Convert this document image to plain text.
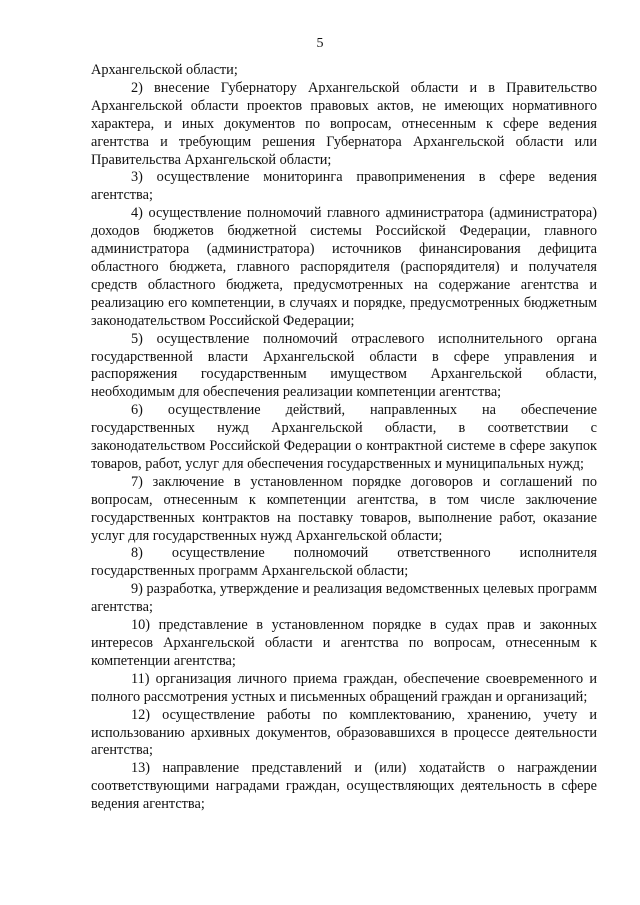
5

Архангельской области;

2) внесение Губернатору Архангельской области и в Правительство Архангельской области проектов правовых актов, не имеющих нормативного характера, и иных документов по вопросам, отнесенным к сфере ведения агентства и требующим решения Губернатора Архангельской области или Правительства Архангельской области;

3) осуществление мониторинга правоприменения в сфере ведения агентства;

4) осуществление полномочий главного администратора (администратора) доходов бюджетов бюджетной системы Российской Федерации, главного администратора (администратора) источников финансирования дефицита областного бюджета, главного распорядителя (распорядителя) и получателя средств областного бюджета, предусмотренных на содержание агентства и реализацию его компетенции, в случаях и порядке, предусмотренных бюджетным законодательством Российской Федерации;

5) осуществление полномочий отраслевого исполнительного органа государственной власти Архангельской области в сфере управления и распоряжения государственным имуществом Архангельской области, необходимым для обеспечения реализации компетенции агентства;

6) осуществление действий, направленных на обеспечение государственных нужд Архангельской области, в соответствии с законодательством Российской Федерации о контрактной системе в сфере закупок товаров, работ, услуг для обеспечения государственных и муниципальных нужд;

7) заключение в установленном порядке договоров и соглашений по вопросам, отнесенным к компетенции агентства, в том числе заключение государственных контрактов на поставку товаров, выполнение работ, оказание услуг для государственных нужд Архангельской области;

8) осуществление полномочий ответственного исполнителя государственных программ Архангельской области;

9) разработка, утверждение и реализация ведомственных целевых программ агентства;

10) представление в установленном порядке в судах прав и законных интересов Архангельской области и агентства по вопросам, отнесенным к компетенции агентства;

11) организация личного приема граждан, обеспечение своевременного и полного рассмотрения устных и письменных обращений граждан и организаций;

12) осуществление работы по комплектованию, хранению, учету и использованию архивных документов, образовавшихся в процессе деятельности агентства;

13) направление представлений и (или) ходатайств о награждении соответствующими наградами граждан, осуществляющих деятельность в сфере ведения агентства;
